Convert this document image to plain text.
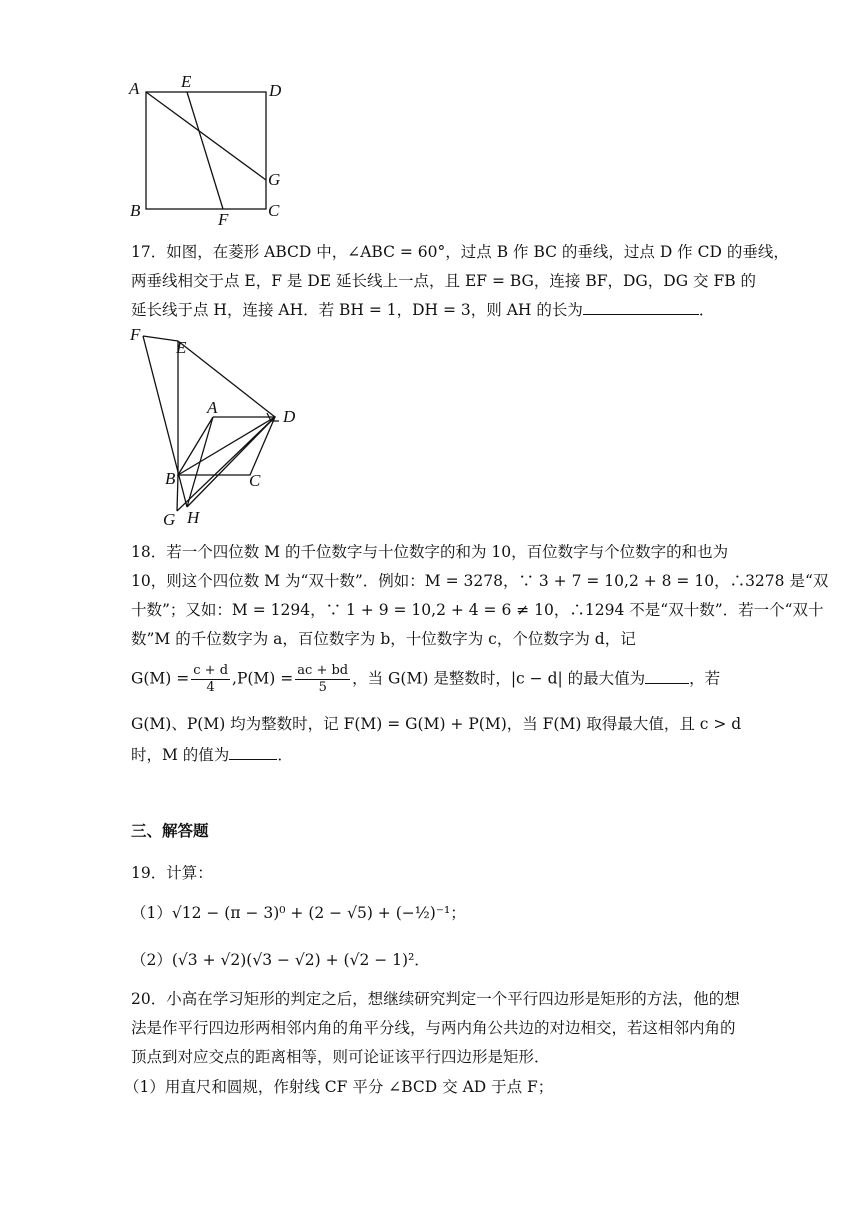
A E	D
G
B	F C
17．如图，在菱形 ABCD 中，∠ABC = 60°，过点 B 作 BC 的垂线，过点 D 作 CD 的垂线，
两垂线相交于点 E，F 是 DE 延长线上一点，且 EF = BG，连接 BF，DG，DG 交 FB 的
延长线于点 H，连接 AH．若 BH = 1，DH = 3，则 AH 的长为	．
F
E
A	D
B	C
G H
18．若一个四位数 M 的千位数字与十位数字的和为 10，百位数字与个位数字的和也为
10，则这个四位数 M 为“双十数”．例如：M = 3278，∵ 3 + 7 = 10,2 + 8 = 10，∴3278 是“双
十数”；又如：M = 1294，∵ 1 + 9 = 10,2 + 4 = 6 ≠ 10，∴1294 不是“双十数”．若一个“双十
数”M 的千位数字为 a，百位数字为 b，十位数字为 c，个位数字为 d，记
$G(M) = \frac{c + d}{4} ,P(M) = \frac{ac + bd}{5}$ ，当 G(M) 是整数时，|c − d| 的最大值为	，若
G(M)、P(M) 均为整数时，记 F(M) = G(M) + P(M)，当 F(M) 取得最大值，且 c > d
时，M 的值为	．
三、解答题
19．计算：
（1）√12 − (π − 3)⁰ + (2 − √5) + (−½)⁻¹；
（2）(√3 + √2)(√3 − √2) + (√2 − 1)²．
20．小高在学习矩形的判定之后，想继续研究判定一个平行四边形是矩形的方法，他的想
法是作平行四边形两相邻内角的角平分线，与两内角公共边的对边相交，若这相邻内角的
顶点到对应交点的距离相等，则可论证该平行四边形是矩形．
（1）用直尺和圆规，作射线 CF 平分 ∠BCD 交 AD 于点 F；
